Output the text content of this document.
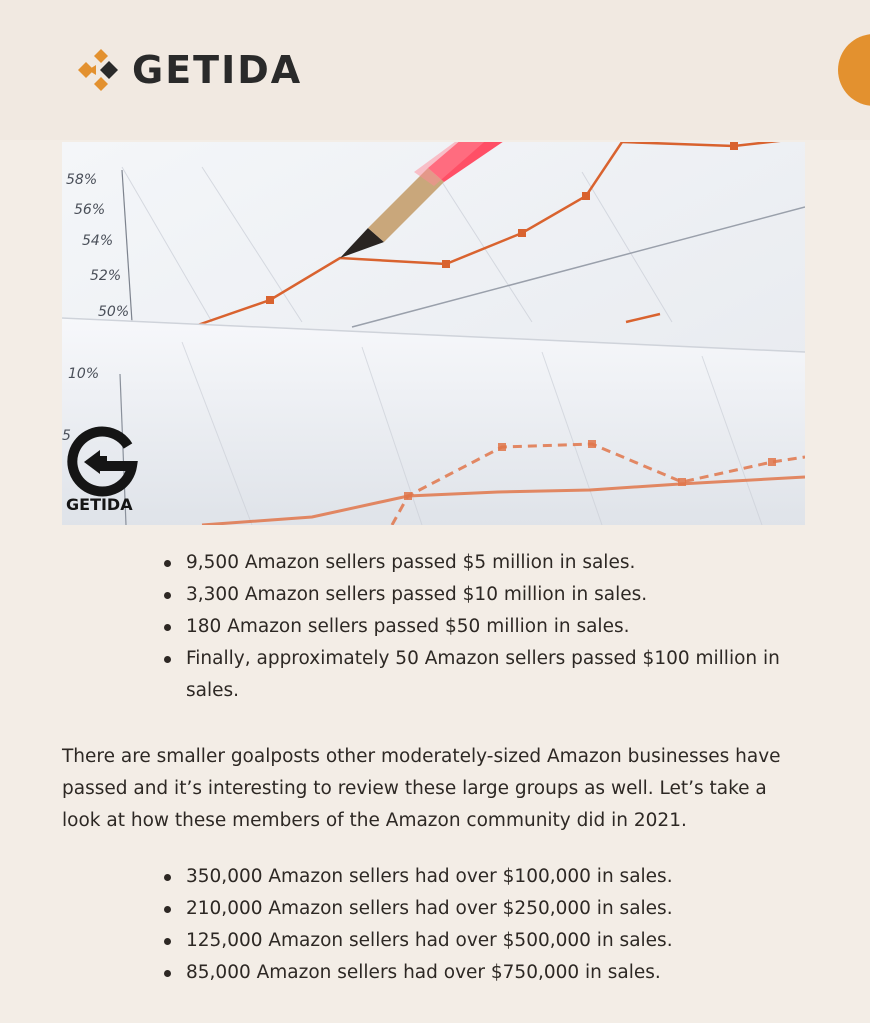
GETIDA
58%
56%
54%
52%
50%
10%
5
GETIDA
9,500 Amazon sellers passed $5 million in sales.
3,300 Amazon sellers passed $10 million in sales.
180 Amazon sellers passed $50 million in sales.
Finally, approximately 50 Amazon sellers passed $100 million in sales.

There are smaller goalposts other moderately-sized Amazon businesses have passed and it’s interesting to review these large groups as well. Let’s take a look at how these members of the Amazon community did in 2021.

350,000 Amazon sellers had over $100,000 in sales.
210,000 Amazon sellers had over $250,000 in sales.
125,000 Amazon sellers had over $500,000 in sales.
85,000 Amazon sellers had over $750,000 in sales.
